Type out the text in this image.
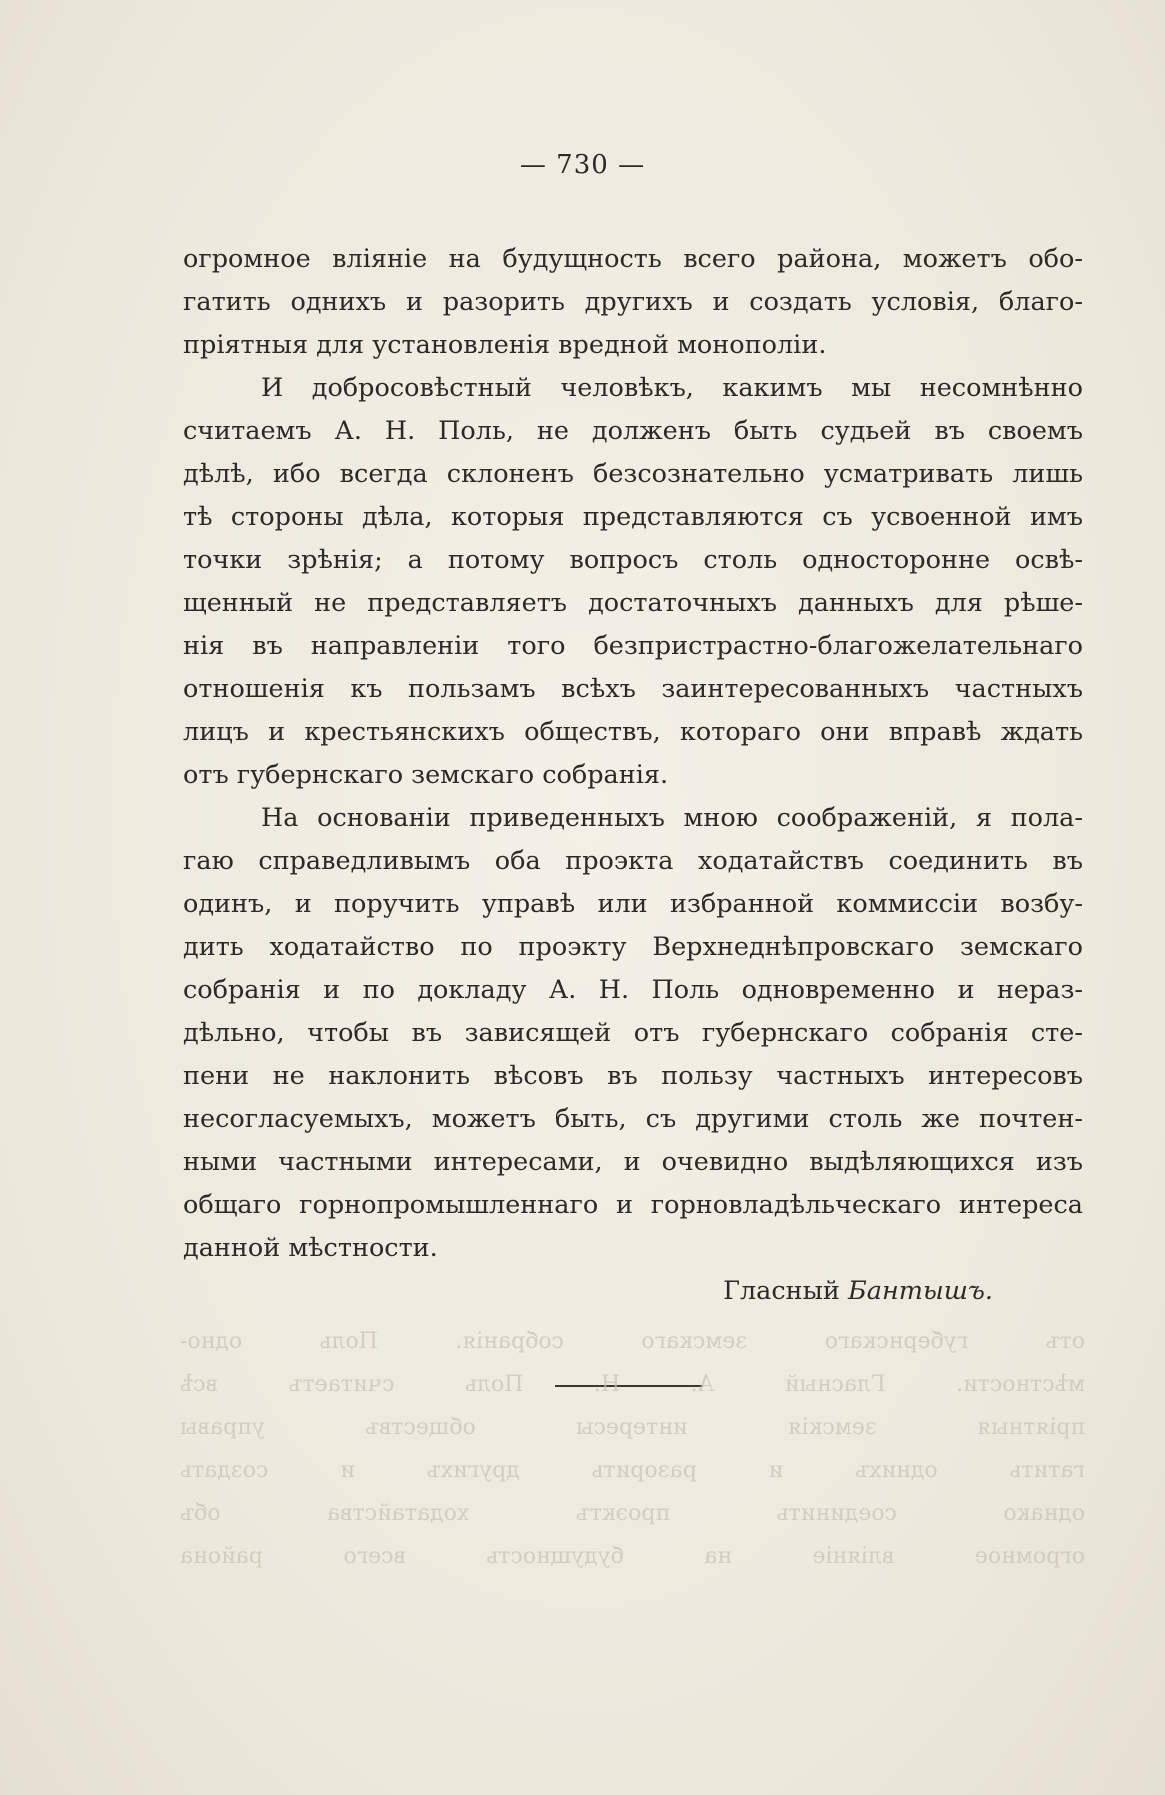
— 730 —
огромное вліяніе на будущность всего района, можетъ обо-
гатить однихъ и разорить другихъ и создать условія, благо-
пріятныя для установленія вредной монополіи.
И добросовѣстный человѣкъ, какимъ мы несомнѣнно
считаемъ А. Н. Поль, не долженъ быть судьей въ своемъ
дѣлѣ, ибо всегда склоненъ безсознательно усматривать лишь
тѣ стороны дѣла, которыя представляются съ усвоенной имъ
точки зрѣнія; а потому вопросъ столь односторонне освѣ-
щенный не представляетъ достаточныхъ данныхъ для рѣше-
нія въ направленіи того безпристрастно-благожелательнаго
отношенія къ пользамъ всѣхъ заинтересованныхъ частныхъ
лицъ и крестьянскихъ обществъ, котораго они вправѣ ждать
отъ губернскаго земскаго собранія.
На основаніи приведенныхъ мною соображеній, я пола-
гаю справедливымъ оба проэкта ходатайствъ соединить въ
одинъ, и поручить управѣ или избранной коммиссіи возбу-
дить ходатайство по проэкту Верхнеднѣпровскаго земскаго
собранія и по докладу А. Н. Поль одновременно и нераз-
дѣльно, чтобы въ зависящей отъ губернскаго собранія сте-
пени не наклонить вѣсовъ въ пользу частныхъ интересовъ
несогласуемыхъ, можетъ быть, съ другими столь же почтен-
ными частными интересами, и очевидно выдѣляющихся изъ
общаго горнопромышленнаго и горновладѣльческаго интереса
данной мѣстности.
Гласный Бантышъ.
отъ губернскаго земскаго собранія. Поль одно-
мѣстности. Гласный А. Н. Поль считаетъ всѣ
пріятныя земскія интересы обществъ управы
гатить однихъ и разорить другихъ и создать
однако соединить проэктъ ходатайства объ
огромное вліяніе на будущность всего района
